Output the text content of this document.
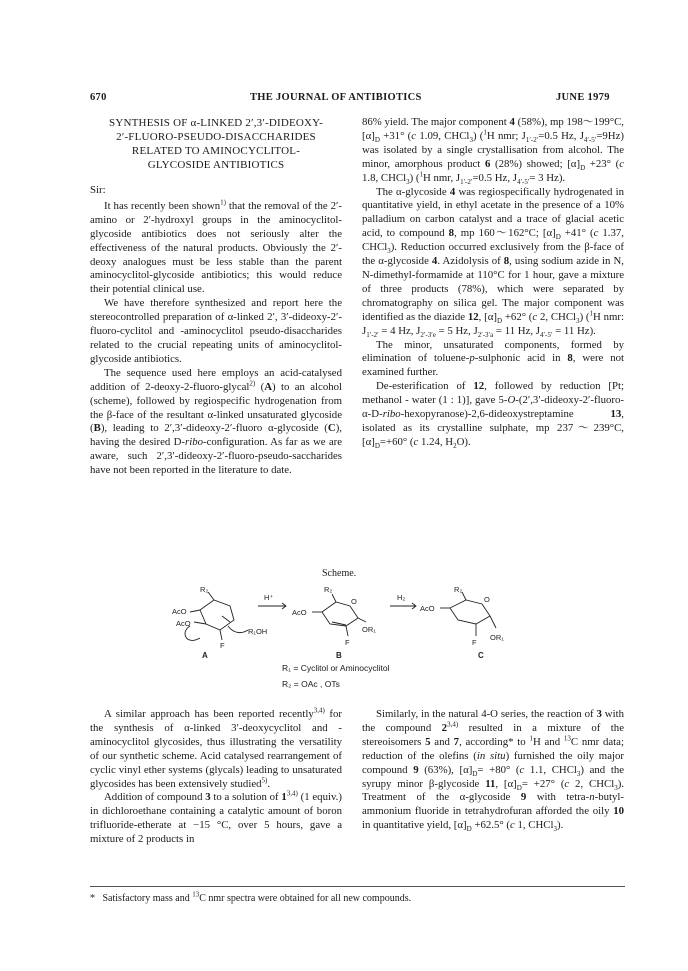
670	THE JOURNAL OF ANTIBIOTICS	JUNE 1979

SYNTHESIS OF α-LINKED 2′,3′-DIDEOXY-

2′-FLUORO-PSEUDO-DISACCHARIDES

RELATED TO AMINOCYCLITOL-

GLYCOSIDE ANTIBIOTICS

Sir:

It has recently been shown$^{1)}$ that the removal of the 2′-amino or 2′-hydroxyl groups in the aminocyclitol-glycoside antibiotics does not seriously alter the effectiveness of the natural products. Obviously the 2′-deoxy analogues must be less stable than the parent aminocyclitol-glycoside antibiotics; this would reduce their potential clinical use.

We have therefore synthesized and report here the stereocontrolled preparation of α-linked 2′, 3′-dideoxy-2′-fluoro-cyclitol and -aminocyclitol pseudo-disaccharides related to the crucial repeating units of aminocyclitol-glycoside antibiotics.

The sequence used here employs an acid-catalysed addition of 2-deoxy-2-fluoro-glycal$^{2)}$ (A) to an alcohol (scheme), followed by regiospecific hydrogenation from the β-face of the resultant α-linked unsaturated glycoside (B), leading to 2′,3′-dideoxy-2′-fluoro α-glycoside (C), having the desired D-ribo-configuration. As far as we are aware, such 2′,3′-dideoxy-2′-fluoro-pseudo-saccharides have not been reported in the literature to date.

86% yield. The major component 4 (58%), mp 198～199°C, $[\alpha]_D +31^\circ$ (c 1.09, CHCl$_3$) ($^1$H nmr; $J_{1'-2'}=0.5$ Hz, $J_{4'-5'}=9Hz$) was isolated by a single crystallisation from alcohol. The minor, amorphous product 6 (28%) showed; $[\alpha]_D +23^\circ$ (c 1.8, CHCl$_3$) ($^1$H nmr, $J_{1'-2'}=0.5$ Hz, $J_{4'-5'}= 3$ Hz).

The α-glycoside 4 was regiospecifically hydrogenated in quantitative yield, in ethyl acetate in the presence of a 10% palladium on carbon catalyst and a trace of glacial acetic acid, to compound 8, mp 160～162°C; $[\alpha]_D +41^\circ$ (c 1.37, CHCl$_3$). Reduction occurred exclusively from the β-face of the α-glycoside 4. Azidolysis of 8, using sodium azide in N, N-dimethyl-formamide at 110°C for 1 hour, gave a mixture of three products (78%), which were separated by chromatography on silica gel. The major component was identified as the diazide 12, $[\alpha]_D +62^\circ$ (c 2, CHCl$_3$) ($^1$H nmr: $J_{1'-2'} = 4$ Hz, $J_{2'-3'e} = 5$ Hz, $J_{2'-3'a} = 11$ Hz, $J_{4'-5'} = 11$ Hz).

The minor, unsaturated components, formed by elimination of toluene-p-sulphonic acid in 8, were not examined further.

De-esterification of 12, followed by reduction [Pt; methanol - water (1 : 1)], gave 5-O-(2′,3′-dideoxy-2′-fluoro-α-D-ribo-hexopyranose)-2,6-dideoxystreptamine 13, isolated as its crystalline sulphate, mp 237～239°C, $[\alpha]_D=+60^\circ$ (c 1.24, $H_2O$).

Scheme.
R₂
AcO
AcO
F
R₁OH
H⁺
R₂
AcO
O
OR₁
F
H₂
R₂
AcO
O
F
OR₁
A	B	C
R₁ = Cyclitol or Aminocyclitol
R₂ = OAc , OTs

A similar approach has been reported recently$^{3,4)}$ for the synthesis of α-linked 3′-deoxycyclitol and -aminocyclitol glycosides, thus illustrating the versatility of our synthetic scheme. Acid catalysed rearrangement of cyclic vinyl ether systems (glycals) leading to unsaturated glycosides has been extensively studied$^{5)}$.

Addition of compound 3 to a solution of 1$^{3,4)}$ (1 equiv.) in dichloroethane containing a catalytic amount of boron trifluoride-etherate at −15 °C, over 5 hours, gave a mixture of 2 products in

Similarly, in the natural 4-O series, the reaction of 3 with the compound 2$^{3,4)}$ resulted in a mixture of the stereoisomers 5 and 7, according* to $^1$H and $^{13}$C nmr data; reduction of the olefins (in situ) furnished the oily major compound 9 (63%), $[\alpha]_D= +80^\circ$ (c 1.1, CHCl$_3$) and the syrupy minor β-glycoside 11, $[\alpha]_D= +27^\circ$ (c 2, CHCl$_3$). Treatment of the α-glycoside 9 with tetra-n-butyl-ammonium fluoride in tetrahydrofuran afforded the oily 10 in quantitative yield, $[\alpha]_D +62.5^\circ$ (c 1, CHCl$_3$).

* Satisfactory mass and $^{13}$C nmr spectra were obtained for all new compounds.
